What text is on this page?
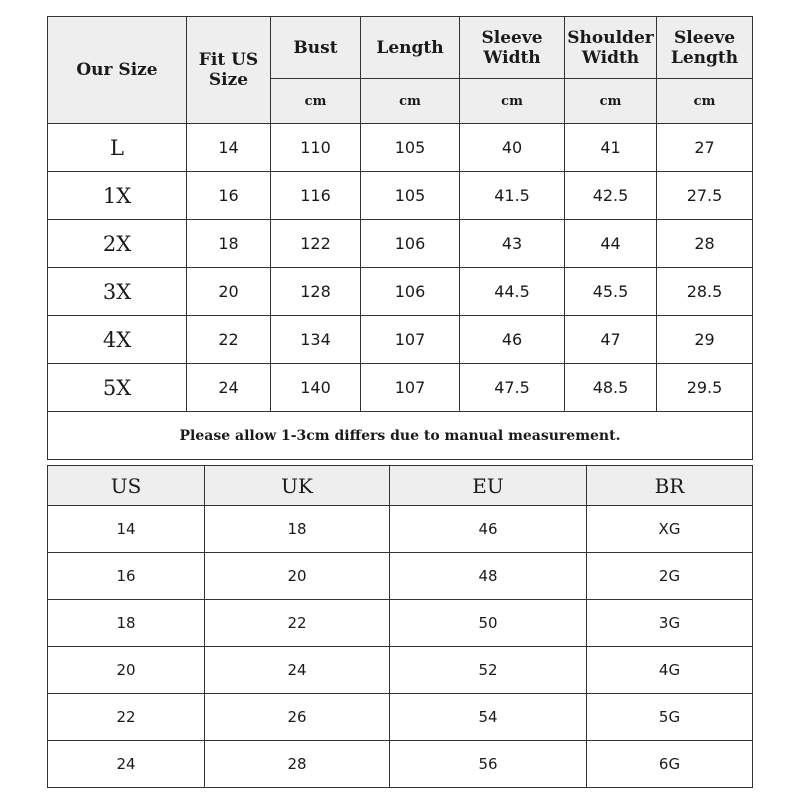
Our Size	Fit US Size	Bust	Length	Sleeve Width	Shoulder Width	Sleeve Length
		cm	cm	cm	cm	cm
L	14	110	105	40	41	27
1X	16	116	105	41.5	42.5	27.5
2X	18	122	106	43	44	28
3X	20	128	106	44.5	45.5	28.5
4X	22	134	107	46	47	29
5X	24	140	107	47.5	48.5	29.5
Please allow 1-3cm differs due to manual measurement.						
US	UK	EU	BR
14	18	46	XG
16	20	48	2G
18	22	50	3G
20	24	52	4G
22	26	54	5G
24	28	56	6G
